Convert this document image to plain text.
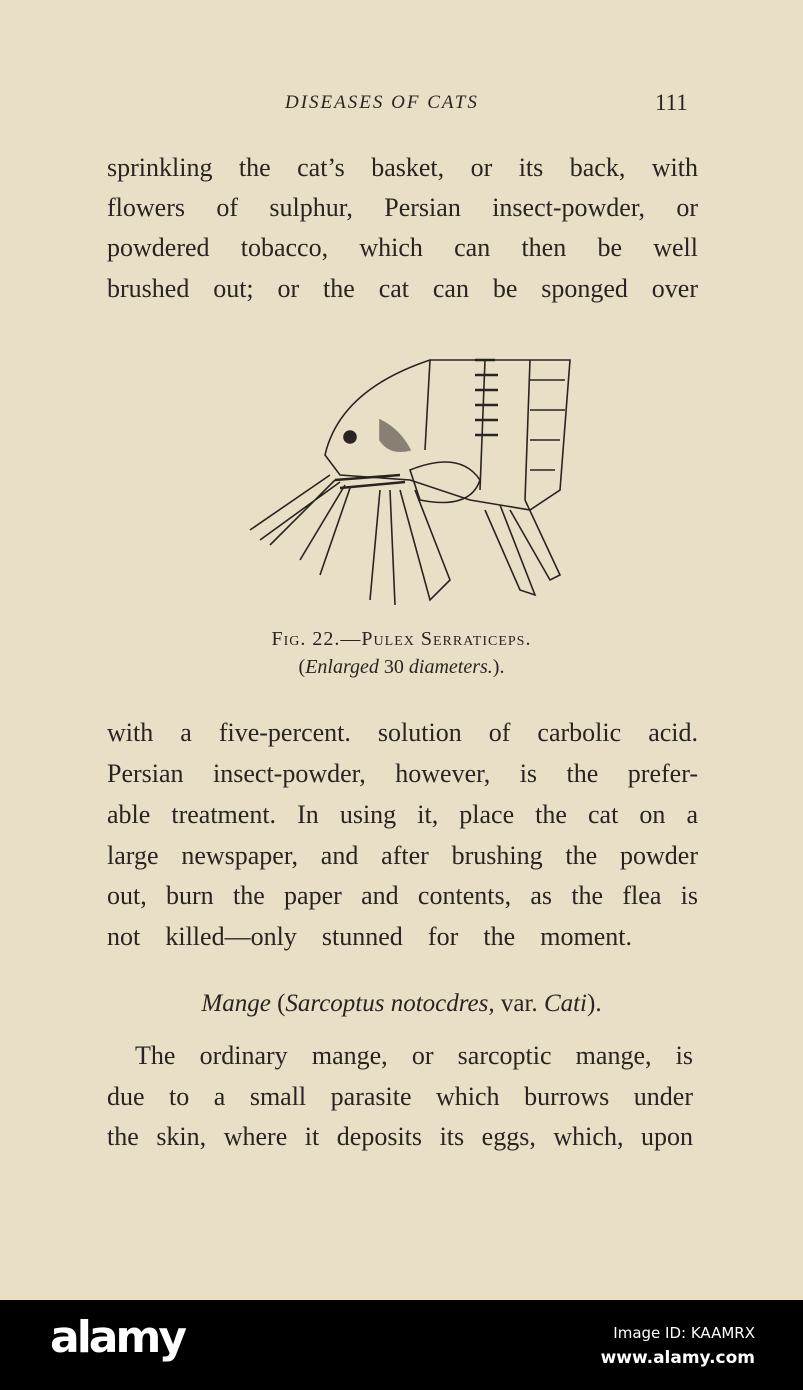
DISEASES OF CATS	111
sprinkling the cat’s basket, or its back, with
flowers of sulphur, Persian insect-powder, or
powdered tobacco, which can then be well
brushed out; or the cat can be sponged over
Fig. 22.—Pulex Serraticeps.
(Enlarged 30 diameters.).
with a five-percent. solution of carbolic acid.
Persian insect-powder, however, is the prefer-
able treatment. In using it, place the cat on a
large newspaper, and after brushing the powder
out, burn the paper and contents, as the flea is
not killed—only stunned for the moment.
Mange (Sarcoptus notocdres, var. Cati).
The ordinary mange, or sarcoptic mange, is
due to a small parasite which burrows under
the skin, where it deposits its eggs, which, upon
alamy	Image ID: KAAMRX
www.alamy.com
